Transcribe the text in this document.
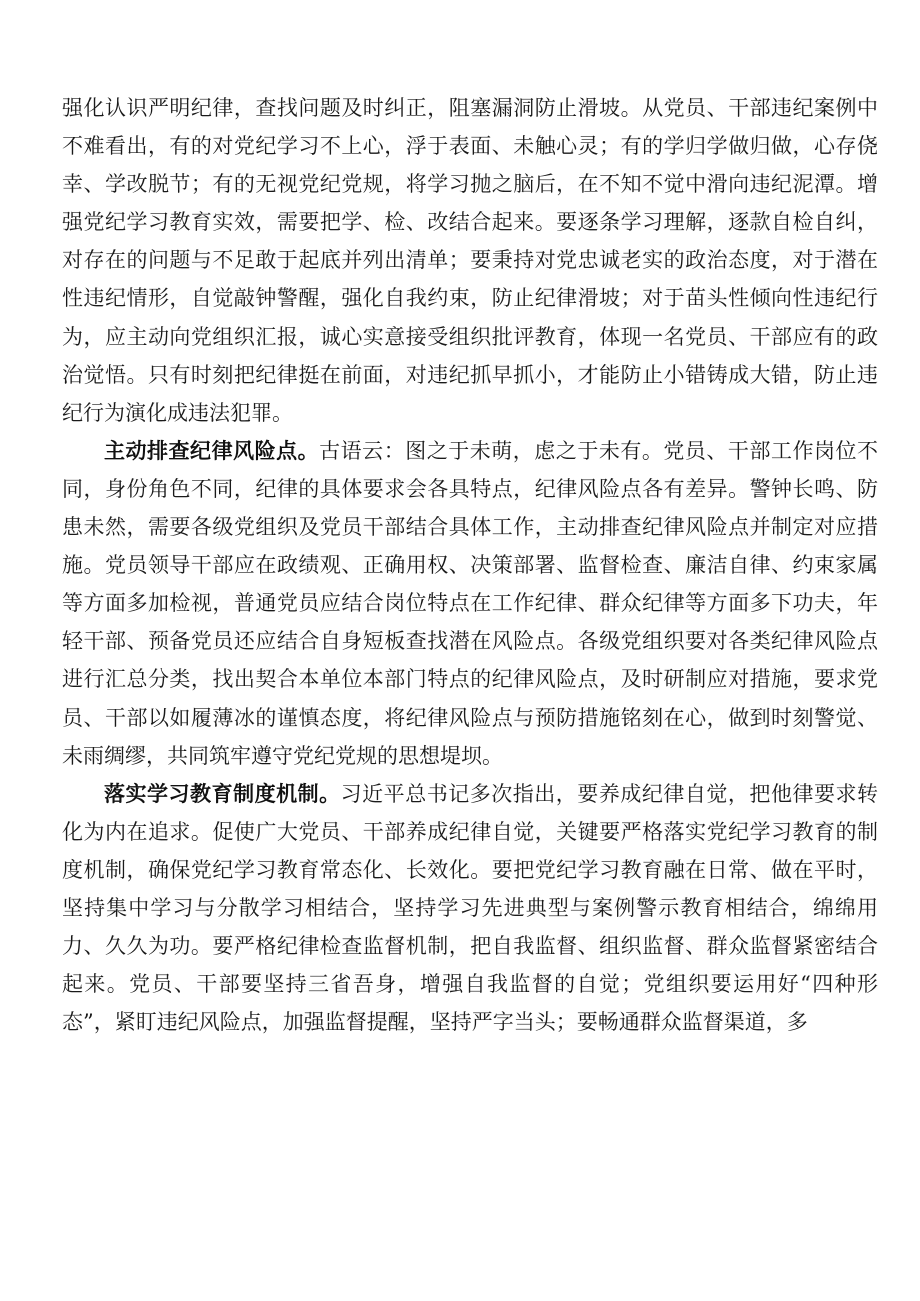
强化认识严明纪律，查找问题及时纠正，阻塞漏洞防止滑坡。从党员、干部违纪案例中不难看出，有的对党纪学习不上心，浮于表面、未触心灵；有的学归学做归做，心存侥幸、学改脱节；有的无视党纪党规，将学习抛之脑后，在不知不觉中滑向违纪泥潭。增强党纪学习教育实效，需要把学、检、改结合起来。要逐条学习理解，逐款自检自纠，对存在的问题与不足敢于起底并列出清单；要秉持对党忠诚老实的政治态度，对于潜在性违纪情形，自觉敲钟警醒，强化自我约束，防止纪律滑坡；对于苗头性倾向性违纪行为，应主动向党组织汇报，诚心实意接受组织批评教育，体现一名党员、干部应有的政治觉悟。只有时刻把纪律挺在前面，对违纪抓早抓小，才能防止小错铸成大错，防止违纪行为演化成违法犯罪。

主动排查纪律风险点。古语云：图之于未萌，虑之于未有。党员、干部工作岗位不同，身份角色不同，纪律的具体要求会各具特点，纪律风险点各有差异。警钟长鸣、防患未然，需要各级党组织及党员干部结合具体工作，主动排查纪律风险点并制定对应措施。党员领导干部应在政绩观、正确用权、决策部署、监督检查、廉洁自律、约束家属等方面多加检视，普通党员应结合岗位特点在工作纪律、群众纪律等方面多下功夫，年轻干部、预备党员还应结合自身短板查找潜在风险点。各级党组织要对各类纪律风险点进行汇总分类，找出契合本单位本部门特点的纪律风险点，及时研制应对措施，要求党员、干部以如履薄冰的谨慎态度，将纪律风险点与预防措施铭刻在心，做到时刻警觉、未雨绸缪，共同筑牢遵守党纪党规的思想堤坝。

落实学习教育制度机制。习近平总书记多次指出，要养成纪律自觉，把他律要求转化为内在追求。促使广大党员、干部养成纪律自觉，关键要严格落实党纪学习教育的制度机制，确保党纪学习教育常态化、长效化。要把党纪学习教育融在日常、做在平时，坚持集中学习与分散学习相结合，坚持学习先进典型与案例警示教育相结合，绵绵用力、久久为功。要严格纪律检查监督机制，把自我监督、组织监督、群众监督紧密结合起来。党员、干部要坚持三省吾身，增强自我监督的自觉；党组织要运用好“四种形态”，紧盯违纪风险点，加强监督提醒，坚持严字当头；要畅通群众监督渠道，多
